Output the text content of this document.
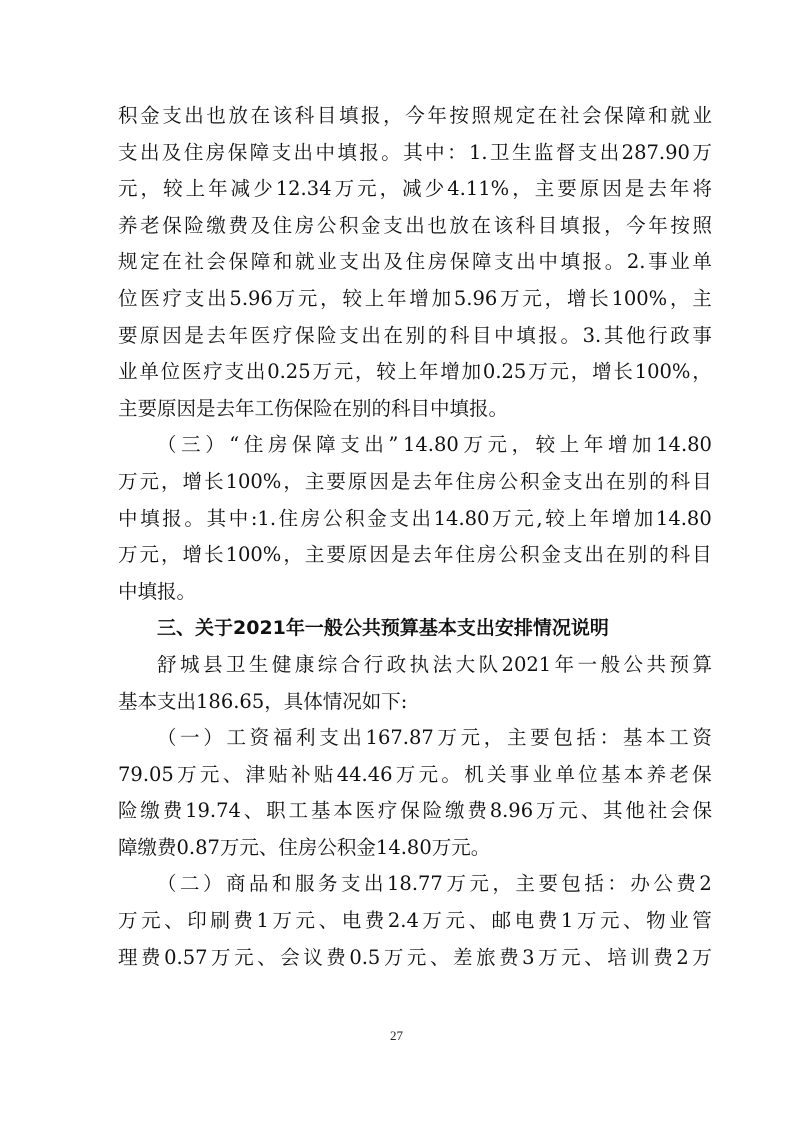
积 金 支 出 也 放 在 该 科 目 填 报 ， 今 年 按 照 规 定 在 社 会 保 障 和 就 业
支 出 及 住 房 保 障 支 出 中 填 报 。 其 中 ： 1. 卫 生 监 督 支 出 287.90 万
元 ， 较 上 年 减 少 12.34 万 元 ， 减 少 4.11% ， 主 要 原 因 是 去 年 将
养 老 保 险 缴 费 及 住 房 公 积 金 支 出 也 放 在 该 科 目 填 报 ， 今 年 按 照
规 定 在 社 会 保 障 和 就 业 支 出 及 住 房 保 障 支 出 中 填 报 。 2. 事 业 单
位 医 疗 支 出 5.96 万 元 ， 较 上 年 增 加 5.96 万 元 ， 增 长 100% ， 主
要 原 因 是 去 年 医 疗 保 险 支 出 在 别 的 科 目 中 填 报 。 3. 其 他 行 政 事
业 单 位 医 疗 支 出 0.25 万 元 ， 较 上 年 增 加 0.25 万 元 ， 增 长 100% ，
主要原因是去年工伤保险在别的科目中填报。
（ 三 ） “ 住 房 保 障 支 出 ” 14.80 万 元 ， 较 上 年 增 加 14.80
万 元 ， 增 长 100% ， 主 要 原 因 是 去 年 住 房 公 积 金 支 出 在 别 的 科 目
中 填 报 。 其 中 :1. 住 房 公 积 金 支 出 14.80 万 元 , 较 上 年 增 加 14.80
万 元 ， 增 长 100% ， 主 要 原 因 是 去 年 住 房 公 积 金 支 出 在 别 的 科 目
中填报。
三、关于2021年一般公共预算基本支出安排情况说明
舒 城 县 卫 生 健 康 综 合 行 政 执 法 大 队 2021 年 一 般 公 共 预 算
基本支出186.65，具体情况如下:
（ 一 ） 工 资 福 利 支 出 167.87 万 元 ， 主 要 包 括 ： 基 本 工 资
79.05 万 元 、 津 贴 补 贴 44.46 万 元 。 机 关 事 业 单 位 基 本 养 老 保
险 缴 费 19.74 、 职 工 基 本 医 疗 保 险 缴 费 8.96 万 元 、 其 他 社 会 保
障缴费0.87万元、住房公积金14.80万元。
（ 二 ） 商 品 和 服 务 支 出 18.77 万 元 ， 主 要 包 括 ： 办 公 费 2
万 元 、 印 刷 费 1 万 元 、 电 费 2.4 万 元 、 邮 电 费 1 万 元 、 物 业 管
理 费 0.57 万 元 、 会 议 费 0.5 万 元 、 差 旅 费 3 万 元 、 培 训 费 2 万
27
